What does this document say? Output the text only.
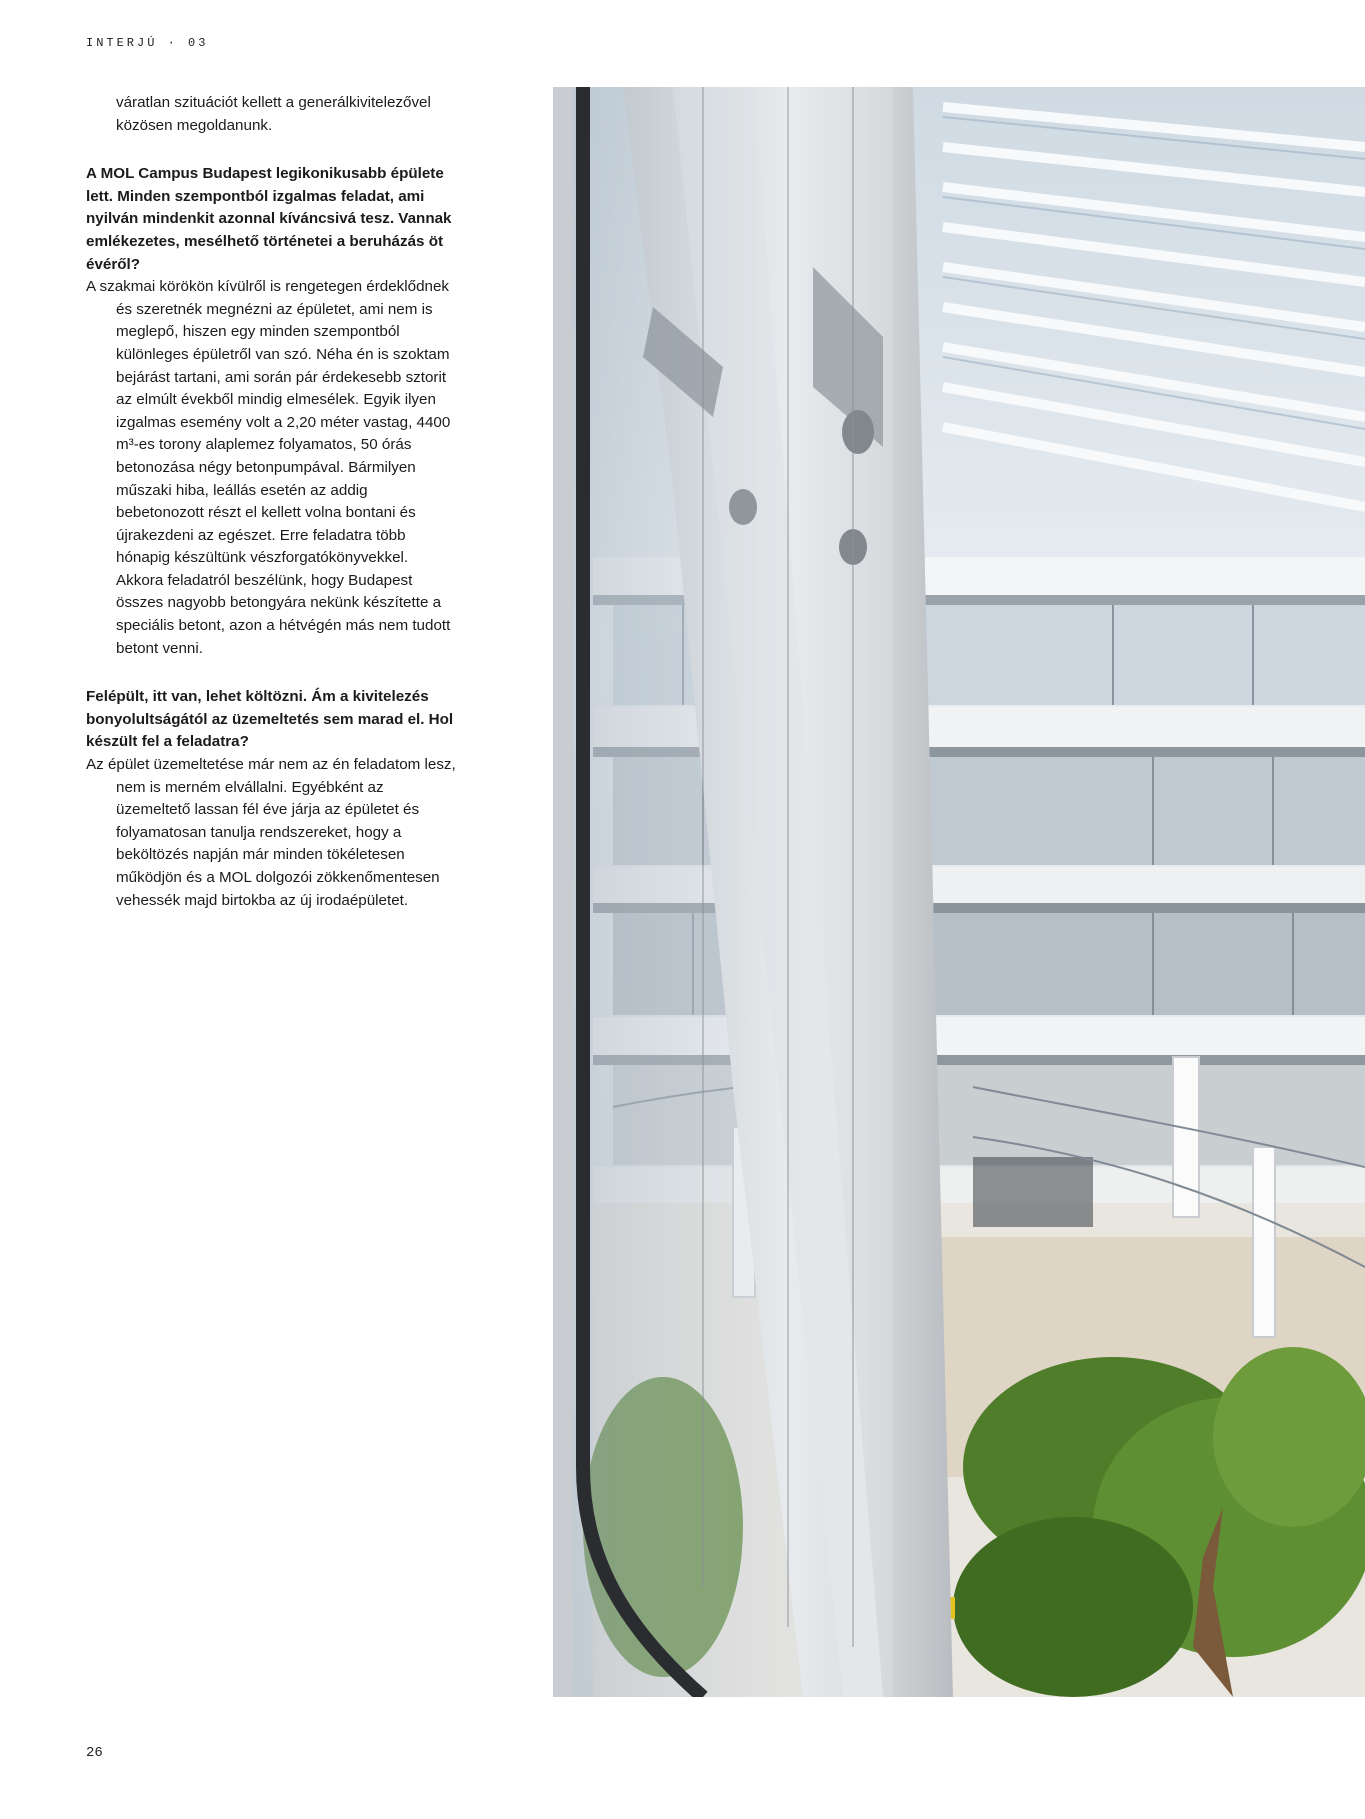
INTERJÚ · 03

váratlan szituációt kellett a generálkivitelezővel közösen megoldanunk.

A MOL Campus Budapest legikonikusabb épülete lett. Minden szempontból izgalmas feladat, ami nyilván mindenkit azonnal kíváncsivá tesz. Vannak emlékezetes, mesélhető történetei a beruházás öt évéről?

A szakmai körökön kívülről is rengetegen érdeklődnek és szeretnék megnézni az épületet, ami nem is meglepő, hiszen egy minden szempontból különleges épületről van szó. Néha én is szoktam bejárást tartani, ami során pár érdekesebb sztorit az elmúlt évekből mindig elmesélek. Egyik ilyen izgalmas esemény volt a 2,20 méter vastag, 4400 m³-es torony alaplemez folyamatos, 50 órás betonozása négy betonpumpával. Bármilyen műszaki hiba, leállás esetén az addig bebetonozott részt el kellett volna bontani és újrakezdeni az egészet. Erre feladatra több hónapig készültünk vészforgatókönyvekkel. Akkora feladatról beszélünk, hogy Budapest összes nagyobb betongyára nekünk készítette a speciális betont, azon a hétvégén más nem tudott betont venni.

Felépült, itt van, lehet költözni. Ám a kivitelezés bonyolultságától az üzemeltetés sem marad el. Hol készült fel a feladatra?

Az épület üzemeltetése már nem az én feladatom lesz, nem is merném elvállalni. Egyébként az üzemeltető lassan fél éve járja az épületet és folyamatosan tanulja rendszereket, hogy a beköltözés napján már minden tökéletesen működjön és a MOL dolgozói zökkenőmentesen vehessék majd birtokba az új irodaépületet.

26
